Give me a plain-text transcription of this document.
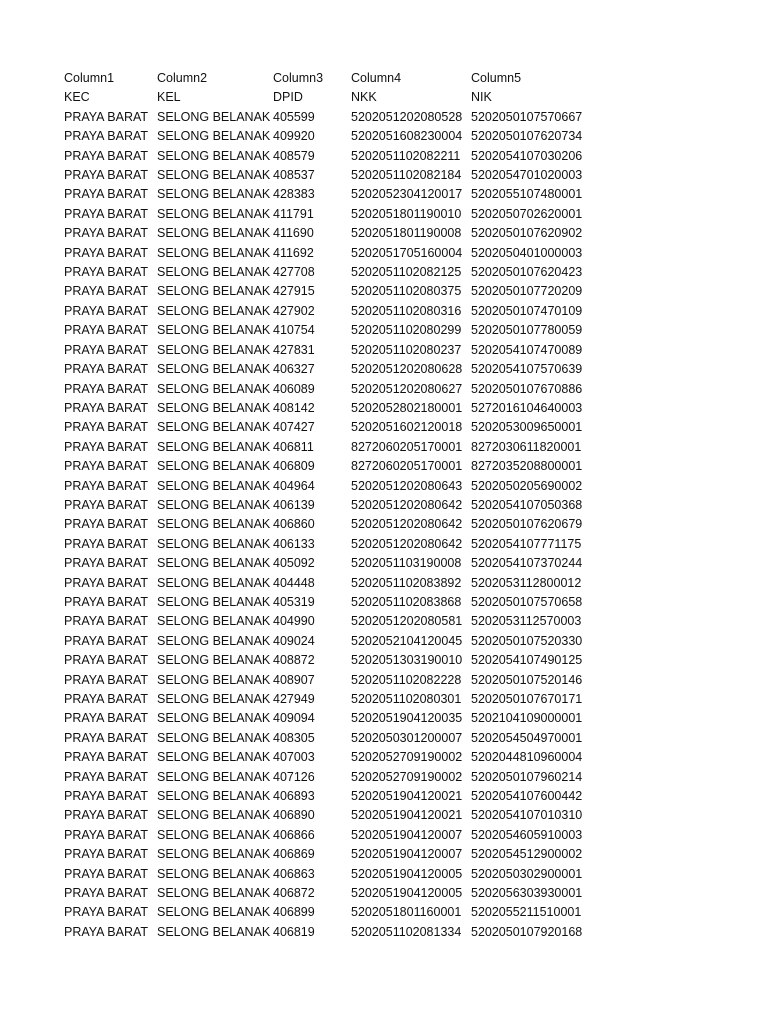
Column1	Column2	Column3	Column4	Column5
KEC	KEL	DPID	NKK	NIK
PRAYA BARAT	SELONG BELANAK	405599	5202051202080528	5202050107570667
PRAYA BARAT	SELONG BELANAK	409920	5202051608230004	5202050107620734
PRAYA BARAT	SELONG BELANAK	408579	5202051102082211	5202054107030206
PRAYA BARAT	SELONG BELANAK	408537	5202051102082184	5202054701020003
PRAYA BARAT	SELONG BELANAK	428383	5202052304120017	5202055107480001
PRAYA BARAT	SELONG BELANAK	411791	5202051801190010	5202050702620001
PRAYA BARAT	SELONG BELANAK	411690	5202051801190008	5202050107620902
PRAYA BARAT	SELONG BELANAK	411692	5202051705160004	5202050401000003
PRAYA BARAT	SELONG BELANAK	427708	5202051102082125	5202050107620423
PRAYA BARAT	SELONG BELANAK	427915	5202051102080375	5202050107720209
PRAYA BARAT	SELONG BELANAK	427902	5202051102080316	5202050107470109
PRAYA BARAT	SELONG BELANAK	410754	5202051102080299	5202050107780059
PRAYA BARAT	SELONG BELANAK	427831	5202051102080237	5202054107470089
PRAYA BARAT	SELONG BELANAK	406327	5202051202080628	5202054107570639
PRAYA BARAT	SELONG BELANAK	406089	5202051202080627	5202050107670886
PRAYA BARAT	SELONG BELANAK	408142	5202052802180001	5272016104640003
PRAYA BARAT	SELONG BELANAK	407427	5202051602120018	5202053009650001
PRAYA BARAT	SELONG BELANAK	406811	8272060205170001	8272030611820001
PRAYA BARAT	SELONG BELANAK	406809	8272060205170001	8272035208800001
PRAYA BARAT	SELONG BELANAK	404964	5202051202080643	5202050205690002
PRAYA BARAT	SELONG BELANAK	406139	5202051202080642	5202054107050368
PRAYA BARAT	SELONG BELANAK	406860	5202051202080642	5202050107620679
PRAYA BARAT	SELONG BELANAK	406133	5202051202080642	5202054107771175
PRAYA BARAT	SELONG BELANAK	405092	5202051103190008	5202054107370244
PRAYA BARAT	SELONG BELANAK	404448	5202051102083892	5202053112800012
PRAYA BARAT	SELONG BELANAK	405319	5202051102083868	5202050107570658
PRAYA BARAT	SELONG BELANAK	404990	5202051202080581	5202053112570003
PRAYA BARAT	SELONG BELANAK	409024	5202052104120045	5202050107520330
PRAYA BARAT	SELONG BELANAK	408872	5202051303190010	5202054107490125
PRAYA BARAT	SELONG BELANAK	408907	5202051102082228	5202050107520146
PRAYA BARAT	SELONG BELANAK	427949	5202051102080301	5202050107670171
PRAYA BARAT	SELONG BELANAK	409094	5202051904120035	5202104109000001
PRAYA BARAT	SELONG BELANAK	408305	5202050301200007	5202054504970001
PRAYA BARAT	SELONG BELANAK	407003	5202052709190002	5202044810960004
PRAYA BARAT	SELONG BELANAK	407126	5202052709190002	5202050107960214
PRAYA BARAT	SELONG BELANAK	406893	5202051904120021	5202054107600442
PRAYA BARAT	SELONG BELANAK	406890	5202051904120021	5202054107010310
PRAYA BARAT	SELONG BELANAK	406866	5202051904120007	5202054605910003
PRAYA BARAT	SELONG BELANAK	406869	5202051904120007	5202054512900002
PRAYA BARAT	SELONG BELANAK	406863	5202051904120005	5202050302900001
PRAYA BARAT	SELONG BELANAK	406872	5202051904120005	5202056303930001
PRAYA BARAT	SELONG BELANAK	406899	5202051801160001	5202055211510001
PRAYA BARAT	SELONG BELANAK	406819	5202051102081334	5202050107920168
